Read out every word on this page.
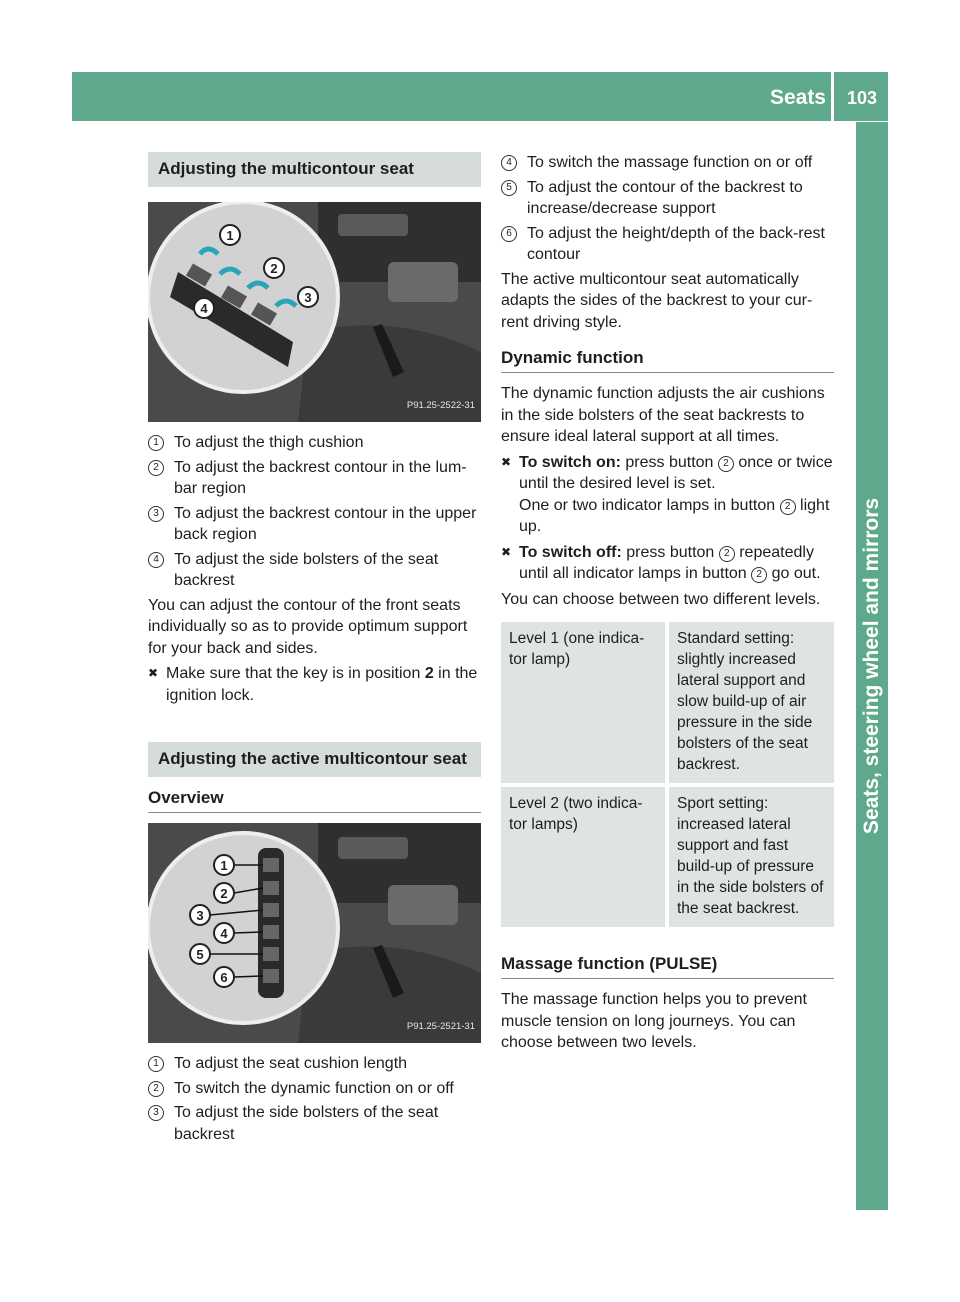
Seats	103
Seats, steering wheel and mirrors
Adjusting the multicontour seat
1
2
3
4
P91.25-2522-31
1 To adjust the thigh cushion
2 To adjust the backrest contour in the lum-bar region
3 To adjust the backrest contour in the upper back region
4 To adjust the side bolsters of the seat backrest

You can adjust the contour of the front seats individually so as to provide optimum support for your back and sides.

✖ Make sure that the key is in position 2 in the ignition lock.
Adjusting the active multicontour seat
Overview
1
2
3
4
5
6
P91.25-2521-31
1 To adjust the seat cushion length
2 To switch the dynamic function on or off
3 To adjust the side bolsters of the seat backrest
4 To switch the massage function on or off
5 To adjust the contour of the backrest to increase/decrease support
6 To adjust the height/depth of the back-rest contour

The active multicontour seat automatically adapts the sides of the backrest to your cur-rent driving style.

Dynamic function

The dynamic function adjusts the air cushions in the side bolsters of the seat backrests to ensure ideal lateral support at all times.

✖ To switch on: press button 2 once or twice until the desired level is set.
One or two indicator lamps in button 2 light up.
✖ To switch off: press button 2 repeatedly until all indicator lamps in button 2 go out.

You can choose between two different levels.

Level 1 (one indica-tor lamp)	Standard setting: slightly increased lateral support and slow build-up of air pressure in the side bolsters of the seat backrest.
Level 2 (two indica-tor lamps)	Sport setting: increased lateral support and fast build-up of pressure in the side bolsters of the seat backrest.
Massage function (PULSE)

The massage function helps you to prevent muscle tension on long journeys. You can choose between two levels.
